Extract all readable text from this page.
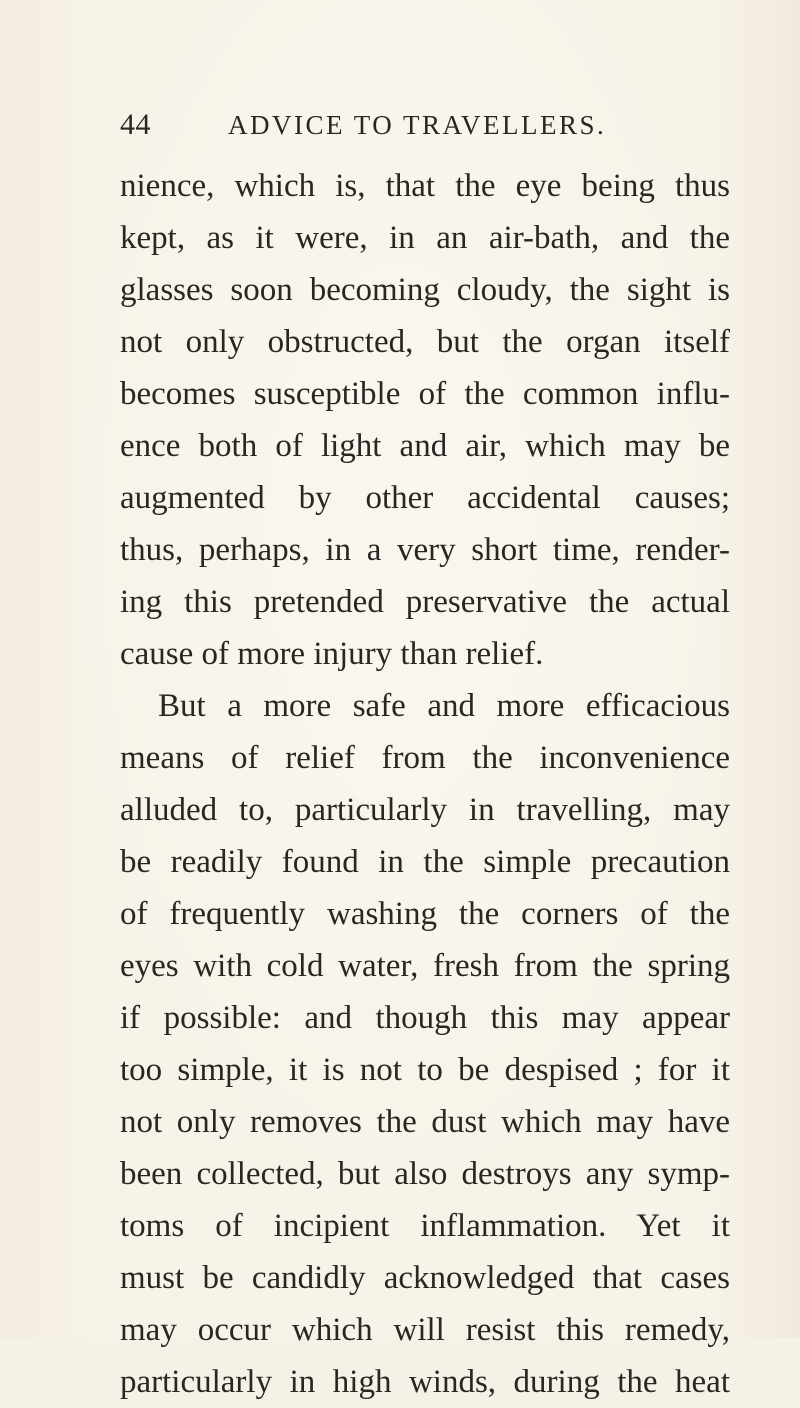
44	ADVICE TO TRAVELLERS.
nience, which is, that the eye being thus
kept, as it were, in an air-bath, and the
glasses soon becoming cloudy, the sight is
not only obstructed, but the organ itself
becomes susceptible of the common influ-
ence both of light and air, which may be
augmented by other accidental causes;
thus, perhaps, in a very short time, render-
ing this pretended preservative the actual
cause of more injury than relief.
But a more safe and more efficacious
means of relief from the inconvenience
alluded to, particularly in travelling, may
be readily found in the simple precaution
of frequently washing the corners of the
eyes with cold water, fresh from the spring
if possible: and though this may appear
too simple, it is not to be despised ; for it
not only removes the dust which may have
been collected, but also destroys any symp-
toms of incipient inflammation. Yet it
must be candidly acknowledged that cases
may occur which will resist this remedy,
particularly in high winds, during the heat
